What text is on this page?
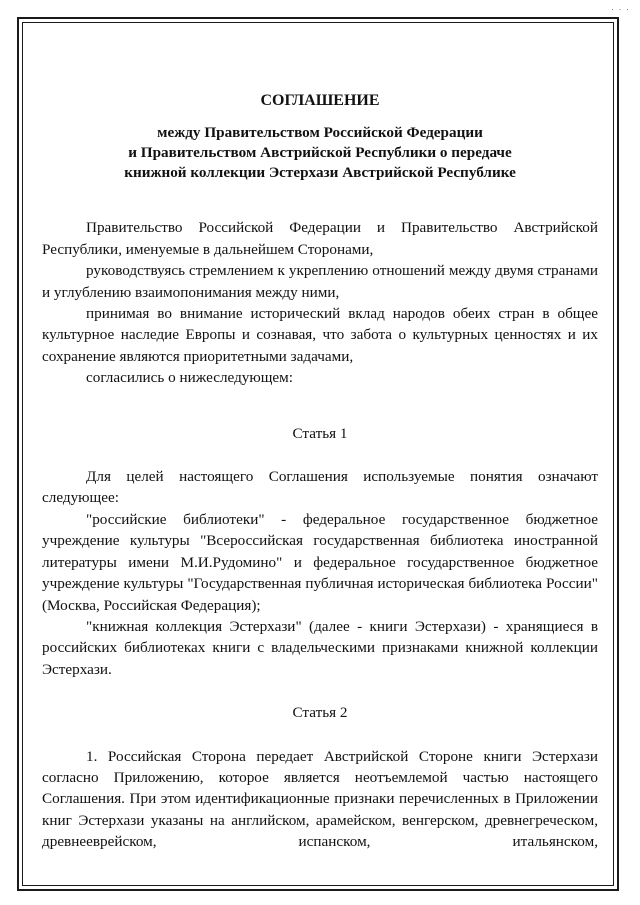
· · ·
СОГЛАШЕНИЕ
между Правительством Российской Федерации
и Правительством Австрийской Республики о передаче
книжной коллекции Эстерхази Австрийской Республике

Правительство Российской Федерации и Правительство Австрийской Республики, именуемые в дальнейшем Сторонами,

руководствуясь стремлением к укреплению отношений между двумя странами и углублению взаимопонимания между ними,

принимая во внимание исторический вклад народов обеих стран в общее культурное наследие Европы и сознавая, что забота о культурных ценностях и их сохранение являются приоритетными задачами,

согласились о нижеследующем:

Статья 1

Для целей настоящего Соглашения используемые понятия означают следующее:

"российские библиотеки" - федеральное государственное бюджетное учреждение культуры "Всероссийская государственная библиотека иностранной литературы имени М.И.Рудомино" и федеральное государственное бюджетное учреждение культуры "Государственная публичная историческая библиотека России" (Москва, Российская Федерация);

"книжная коллекция Эстерхази" (далее - книги Эстерхази) - хранящиеся в российских библиотеках книги с владельческими признаками книжной коллекции Эстерхази.

Статья 2

1. Российская Сторона передает Австрийской Стороне книги Эстерхази согласно Приложению, которое является неотъемлемой частью настоящего Соглашения. При этом идентификационные признаки перечисленных в Приложении книг Эстерхази указаны на английском, арамейском, венгерском, древнегреческом, древнееврейском, испанском, итальянском,
